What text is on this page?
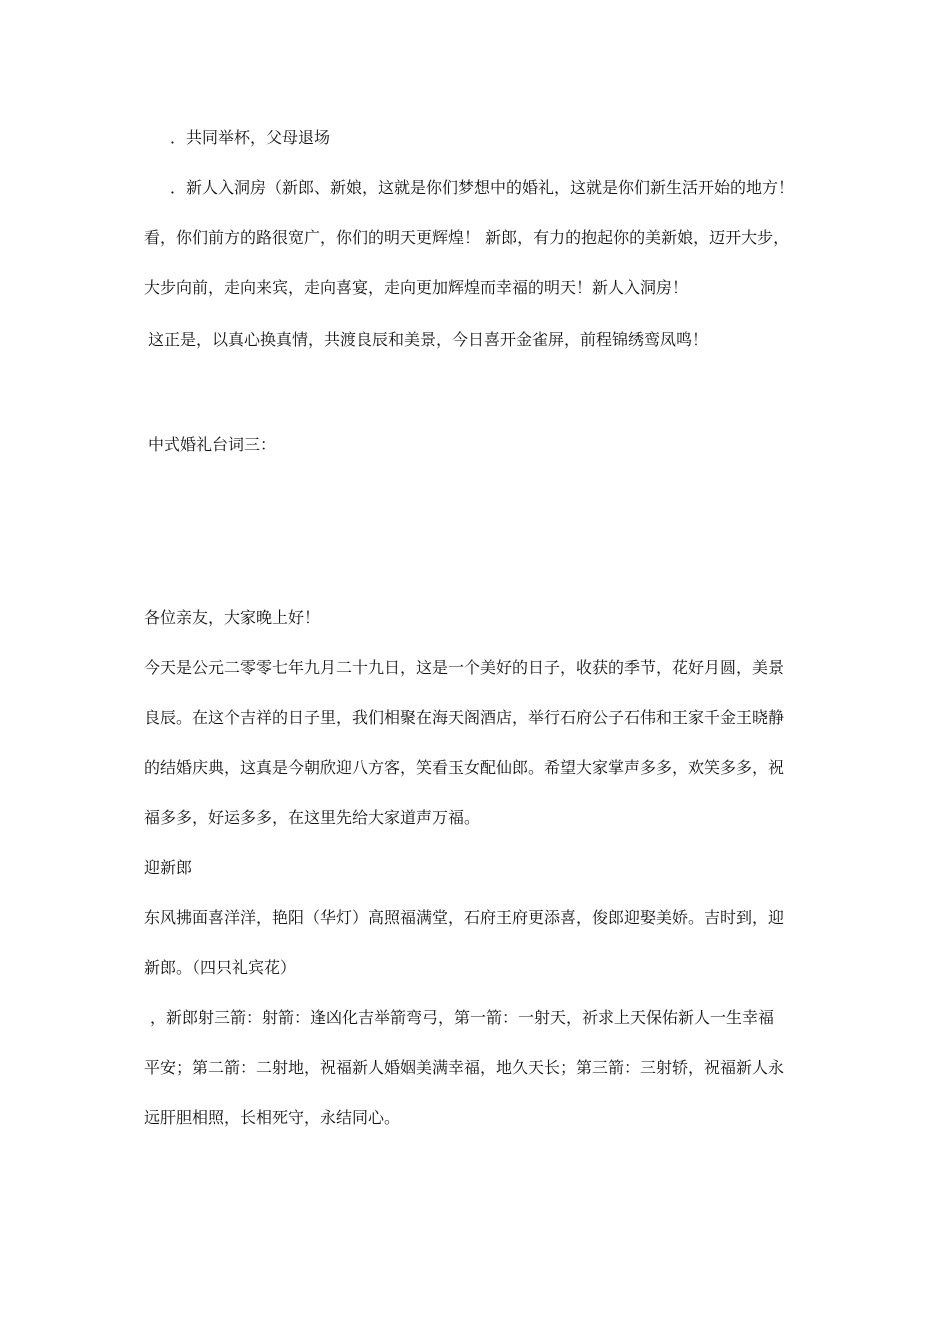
．共同举杯，父母退场
．新人入洞房（新郎、新娘，这就是你们梦想中的婚礼，这就是你们新生活开始的地方！
看，你们前方的路很宽广，你们的明天更辉煌！ 新郎，有力的抱起你的美新娘，迈开大步，
大步向前，走向来宾，走向喜宴，走向更加辉煌而幸福的明天！新人入洞房！
这正是，以真心换真情，共渡良辰和美景，今日喜开金雀屏，前程锦绣鸾凤鸣！
中式婚礼台词三：
各位亲友，大家晚上好！
今天是公元二零零七年九月二十九日，这是一个美好的日子，收获的季节，花好月圆，美景
良辰。在这个吉祥的日子里，我们相聚在海天阁酒店，举行石府公子石伟和王家千金王晓静
的结婚庆典，这真是今朝欣迎八方客，笑看玉女配仙郎。希望大家掌声多多，欢笑多多，祝
福多多，好运多多，在这里先给大家道声万福。
迎新郎
东风拂面喜洋洋，艳阳（华灯）高照福满堂，石府王府更添喜，俊郎迎娶美娇。吉时到，迎
新郎。（四只礼宾花）
，新郎射三箭：射箭：逢凶化吉举箭弯弓，第一箭：一射天，祈求上天保佑新人一生幸福
平安；第二箭：二射地，祝福新人婚姻美满幸福，地久天长；第三箭：三射轿，祝福新人永
远肝胆相照，长相死守，永结同心。
